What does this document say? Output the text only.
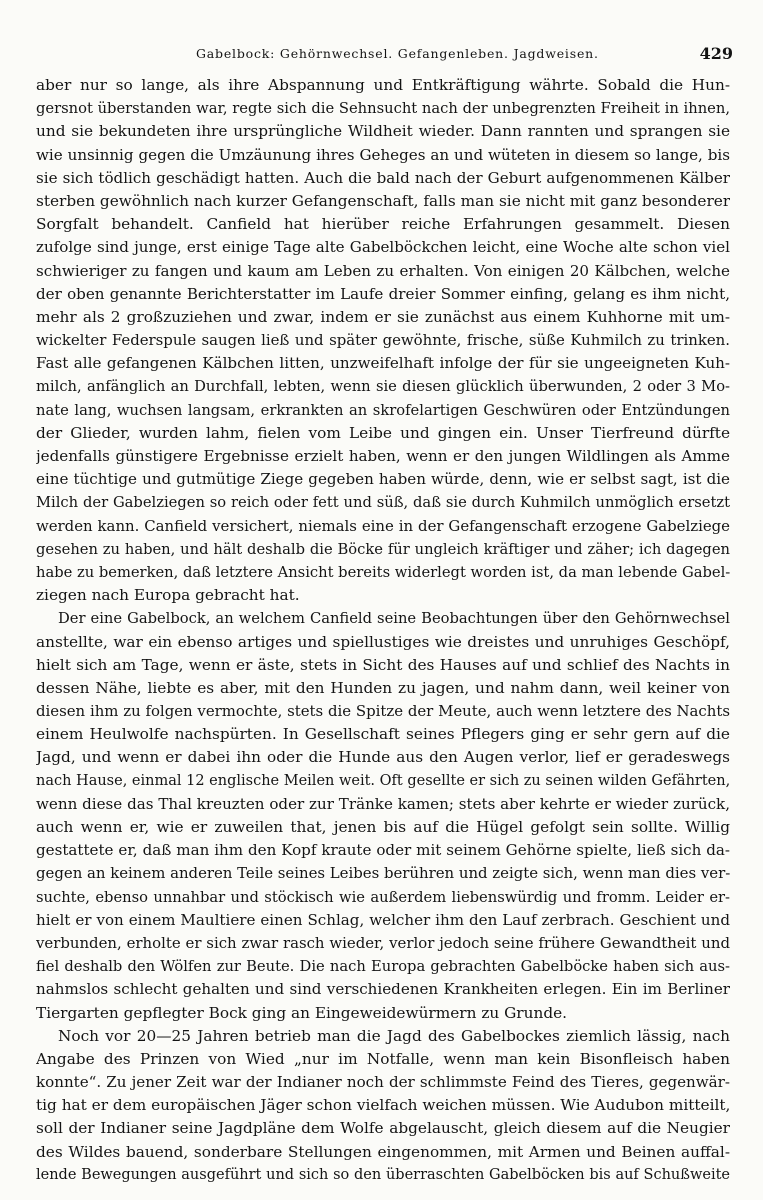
Gabelbock: Gehörnwechsel. Gefangenleben. Jagdweisen.	429
aber nur so lange, als ihre Abspannung und Entkräftigung währte. Sobald die Hun-
gersnot überstanden war, regte sich die Sehnsucht nach der unbegrenzten Freiheit in ihnen,
und sie bekundeten ihre ursprüngliche Wildheit wieder. Dann rannten und sprangen sie
wie unsinnig gegen die Umzäunung ihres Geheges an und wüteten in diesem so lange, bis
sie sich tödlich geschädigt hatten. Auch die bald nach der Geburt aufgenommenen Kälber
sterben gewöhnlich nach kurzer Gefangenschaft, falls man sie nicht mit ganz besonderer
Sorgfalt behandelt. Canfield hat hierüber reiche Erfahrungen gesammelt. Diesen
zufolge sind junge, erst einige Tage alte Gabelböckchen leicht, eine Woche alte schon viel
schwieriger zu fangen und kaum am Leben zu erhalten. Von einigen 20 Kälbchen, welche
der oben genannte Berichterstatter im Laufe dreier Sommer einfing, gelang es ihm nicht,
mehr als 2 großzuziehen und zwar, indem er sie zunächst aus einem Kuhhorne mit um-
wickelter Federspule saugen ließ und später gewöhnte, frische, süße Kuhmilch zu trinken.
Fast alle gefangenen Kälbchen litten, unzweifelhaft infolge der für sie ungeeigneten Kuh-
milch, anfänglich an Durchfall, lebten, wenn sie diesen glücklich überwunden, 2 oder 3 Mo-
nate lang, wuchsen langsam, erkrankten an skrofelartigen Geschwüren oder Entzündungen
der Glieder, wurden lahm, fielen vom Leibe und gingen ein. Unser Tierfreund dürfte
jedenfalls günstigere Ergebnisse erzielt haben, wenn er den jungen Wildlingen als Amme
eine tüchtige und gutmütige Ziege gegeben haben würde, denn, wie er selbst sagt, ist die
Milch der Gabelziegen so reich oder fett und süß, daß sie durch Kuhmilch unmöglich ersetzt
werden kann. Canfield versichert, niemals eine in der Gefangenschaft erzogene Gabelziege
gesehen zu haben, und hält deshalb die Böcke für ungleich kräftiger und zäher; ich dagegen
habe zu bemerken, daß letztere Ansicht bereits widerlegt worden ist, da man lebende Gabel-
ziegen nach Europa gebracht hat.
Der eine Gabelbock, an welchem Canfield seine Beobachtungen über den Gehörnwechsel
anstellte, war ein ebenso artiges und spiellustiges wie dreistes und unruhiges Geschöpf,
hielt sich am Tage, wenn er äste, stets in Sicht des Hauses auf und schlief des Nachts in
dessen Nähe, liebte es aber, mit den Hunden zu jagen, und nahm dann, weil keiner von
diesen ihm zu folgen vermochte, stets die Spitze der Meute, auch wenn letztere des Nachts
einem Heulwolfe nachspürten. In Gesellschaft seines Pflegers ging er sehr gern auf die
Jagd, und wenn er dabei ihn oder die Hunde aus den Augen verlor, lief er geradeswegs
nach Hause, einmal 12 englische Meilen weit. Oft gesellte er sich zu seinen wilden Gefährten,
wenn diese das Thal kreuzten oder zur Tränke kamen; stets aber kehrte er wieder zurück,
auch wenn er, wie er zuweilen that, jenen bis auf die Hügel gefolgt sein sollte. Willig
gestattete er, daß man ihm den Kopf kraute oder mit seinem Gehörne spielte, ließ sich da-
gegen an keinem anderen Teile seines Leibes berühren und zeigte sich, wenn man dies ver-
suchte, ebenso unnahbar und stöckisch wie außerdem liebenswürdig und fromm. Leider er-
hielt er von einem Maultiere einen Schlag, welcher ihm den Lauf zerbrach. Geschient und
verbunden, erholte er sich zwar rasch wieder, verlor jedoch seine frühere Gewandtheit und
fiel deshalb den Wölfen zur Beute. Die nach Europa gebrachten Gabelböcke haben sich aus-
nahmslos schlecht gehalten und sind verschiedenen Krankheiten erlegen. Ein im Berliner
Tiergarten gepflegter Bock ging an Eingeweidewürmern zu Grunde.
Noch vor 20—25 Jahren betrieb man die Jagd des Gabelbockes ziemlich lässig, nach
Angabe des Prinzen von Wied „nur im Notfalle, wenn man kein Bisonfleisch haben
konnte“. Zu jener Zeit war der Indianer noch der schlimmste Feind des Tieres, gegenwär-
tig hat er dem europäischen Jäger schon vielfach weichen müssen. Wie Audubon mitteilt,
soll der Indianer seine Jagdpläne dem Wolfe abgelauscht, gleich diesem auf die Neugier
des Wildes bauend, sonderbare Stellungen eingenommen, mit Armen und Beinen auffal-
lende Bewegungen ausgeführt und sich so den überraschten Gabelböcken bis auf Schußweite
